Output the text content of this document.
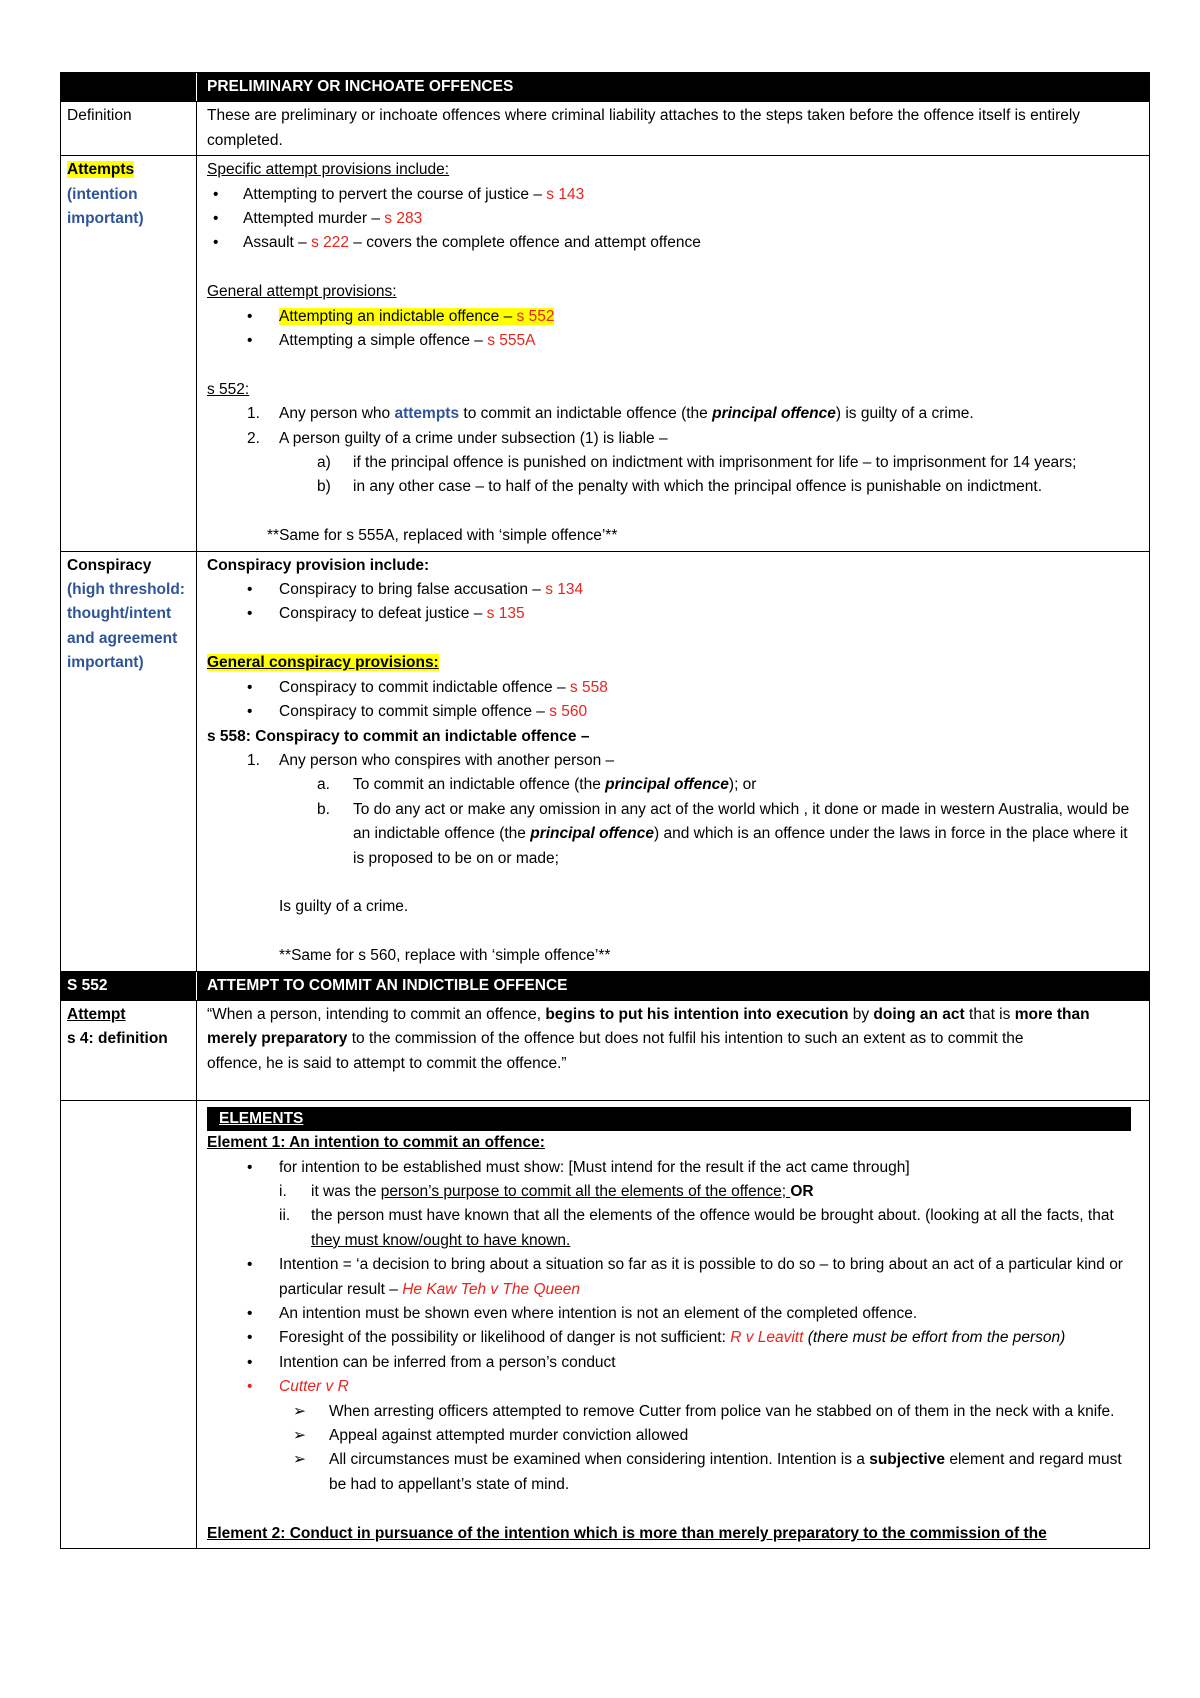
PRELIMINARY OR INCHOATE OFFENCES

Definition	These are preliminary or inchoate offences where criminal liability attaches to the steps taken before the offence itself is entirely completed.

Attempts

(intention important)

Specific attempt provisions include:

• Attempting to pervert the course of justice – s 143
• Attempted murder – s 283
• Assault – s 222 – covers the complete offence and attempt offence

General attempt provisions:

• Attempting an indictable offence – s 552
• Attempting a simple offence – s 555A

s 552:

1. Any person who attempts to commit an indictable offence (the principal offence) is guilty of a crime.
2. A person guilty of a crime under subsection (1) is liable –
a) if the principal offence is punished on indictment with imprisonment for life – to imprisonment for 14 years;
b) in any other case – to half of the penalty with which the principal offence is punishable on indictment.

**Same for s 555A, replaced with ‘simple offence’**

Conspiracy

(high threshold: thought/intent and agreement important)

Conspiracy provision include:

• Conspiracy to bring false accusation – s 134
• Conspiracy to defeat justice – s 135

General conspiracy provisions:

• Conspiracy to commit indictable offence – s 558
• Conspiracy to commit simple offence – s 560

s 558: Conspiracy to commit an indictable offence –

1. Any person who conspires with another person –
a. To commit an indictable offence (the principal offence); or
b. To do any act or make any omission in any act of the world which , it done or made in western Australia, would be an indictable offence (the principal offence) and which is an offence under the laws in force in the place where it is proposed to be on or made;

Is guilty of a crime.

**Same for s 560, replace with ‘simple offence’**

S 552	ATTEMPT TO COMMIT AN INDICTIBLE OFFENCE

Attempt

s 4: definition

“When a person, intending to commit an offence, begins to put his intention into execution by doing an act that is more than merely preparatory to the commission of the offence but does not fulfil his intention to such an extent as to commit the

offence, he is said to attempt to commit the offence.”

ELEMENTS

Element 1: An intention to commit an offence:

• for intention to be established must show: [Must intend for the result if the act came through]
i. it was the person’s purpose to commit all the elements of the offence; OR
ii. the person must have known that all the elements of the offence would be brought about. (looking at all the facts, that they must know/ought to have known.
• Intention = ‘a decision to bring about a situation so far as it is possible to do so – to bring about an act of a particular kind or particular result – He Kaw Teh v The Queen
• An intention must be shown even where intention is not an element of the completed offence.
• Foresight of the possibility or likelihood of danger is not sufficient: R v Leavitt (there must be effort from the person)
• Intention can be inferred from a person’s conduct
• Cutter v R
➢ When arresting officers attempted to remove Cutter from police van he stabbed on of them in the neck with a knife.
➢ Appeal against attempted murder conviction allowed
➢ All circumstances must be examined when considering intention. Intention is a subjective element and regard must be had to appellant’s state of mind.

Element 2: Conduct in pursuance of the intention which is more than merely preparatory to the commission of the
